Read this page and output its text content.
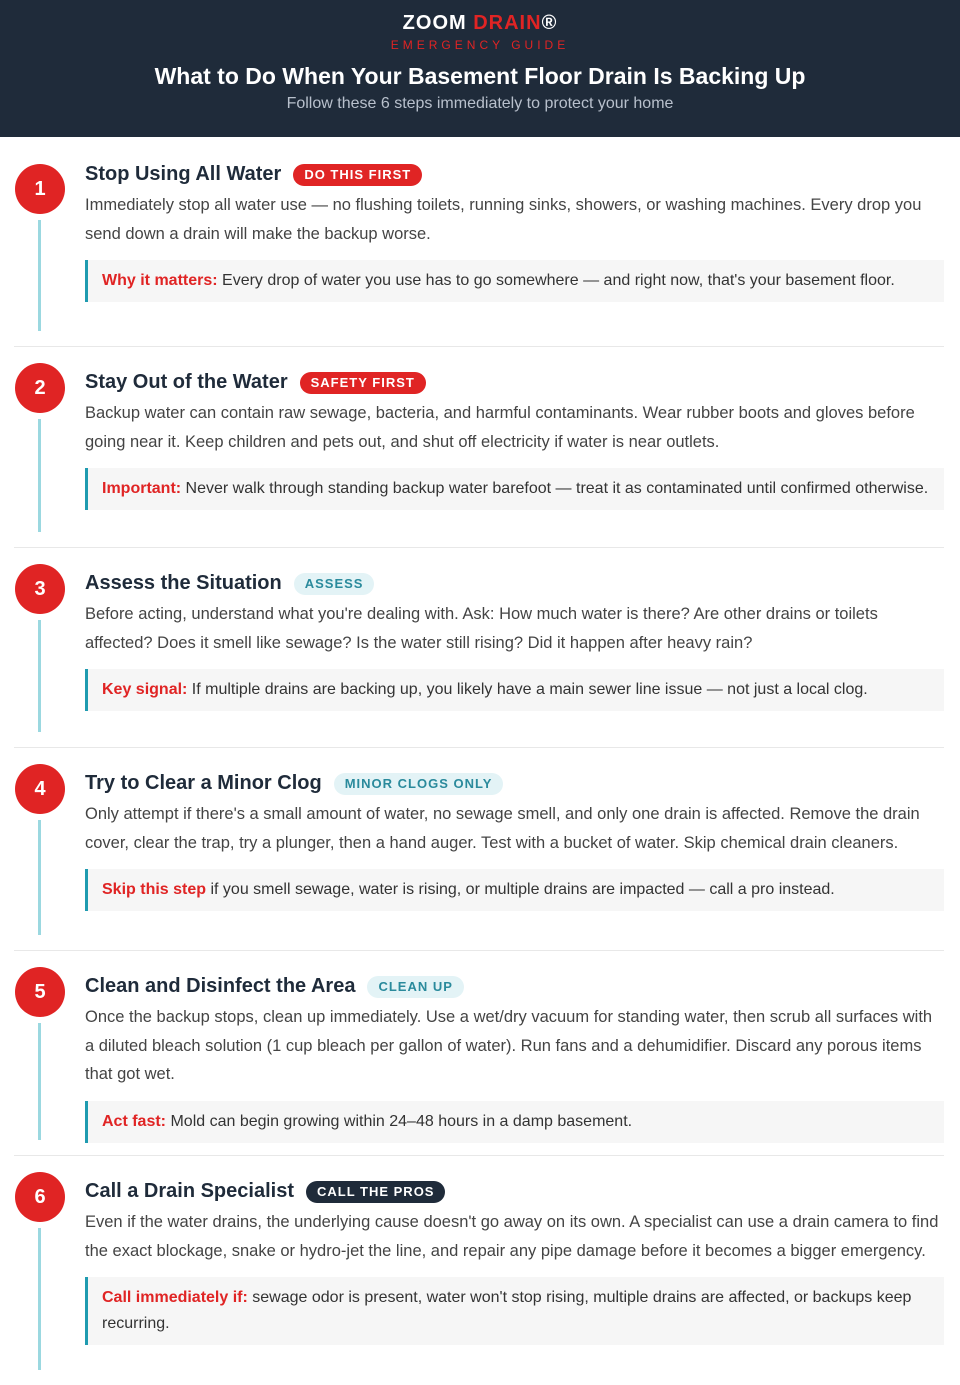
ZOOM DRAIN®
EMERGENCY GUIDE
What to Do When Your Basement Floor Drain Is Backing Up
Follow these 6 steps immediately to protect your home
1
Stop Using All Water	DO THIS FIRST
Immediately stop all water use — no flushing toilets, running sinks, showers, or washing machines. Every drop you send down a drain will make the backup worse.
Why it matters: Every drop of water you use has to go somewhere — and right now, that's your basement floor.
2	Stay Out of the Water	SAFETY FIRST
Backup water can contain raw sewage, bacteria, and harmful contaminants. Wear rubber boots and gloves before going near it. Keep children and pets out, and shut off electricity if water is near outlets.
Important: Never walk through standing backup water barefoot — treat it as contaminated until confirmed otherwise.
3	Assess the Situation	ASSESS
Before acting, understand what you're dealing with. Ask: How much water is there? Are other drains or toilets affected? Does it smell like sewage? Is the water still rising? Did it happen after heavy rain?
Key signal: If multiple drains are backing up, you likely have a main sewer line issue — not just a local clog.
4	Try to Clear a Minor Clog	MINOR CLOGS ONLY
Only attempt if there's a small amount of water, no sewage smell, and only one drain is affected. Remove the drain cover, clear the trap, try a plunger, then a hand auger. Test with a bucket of water. Skip chemical drain cleaners.
Skip this step if you smell sewage, water is rising, or multiple drains are impacted — call a pro instead.
5	Clean and Disinfect the Area	CLEAN UP
Once the backup stops, clean up immediately. Use a wet/dry vacuum for standing water, then scrub all surfaces with a diluted bleach solution (1 cup bleach per gallon of water). Run fans and a dehumidifier. Discard any porous items that got wet.
Act fast: Mold can begin growing within 24–48 hours in a damp basement.
6	Call a Drain Specialist	CALL THE PROS
Even if the water drains, the underlying cause doesn't go away on its own. A specialist can use a drain camera to find the exact blockage, snake or hydro-jet the line, and repair any pipe damage before it becomes a bigger emergency.
Call immediately if: sewage odor is present, water won't stop rising, multiple drains are affected, or backups keep recurring.
